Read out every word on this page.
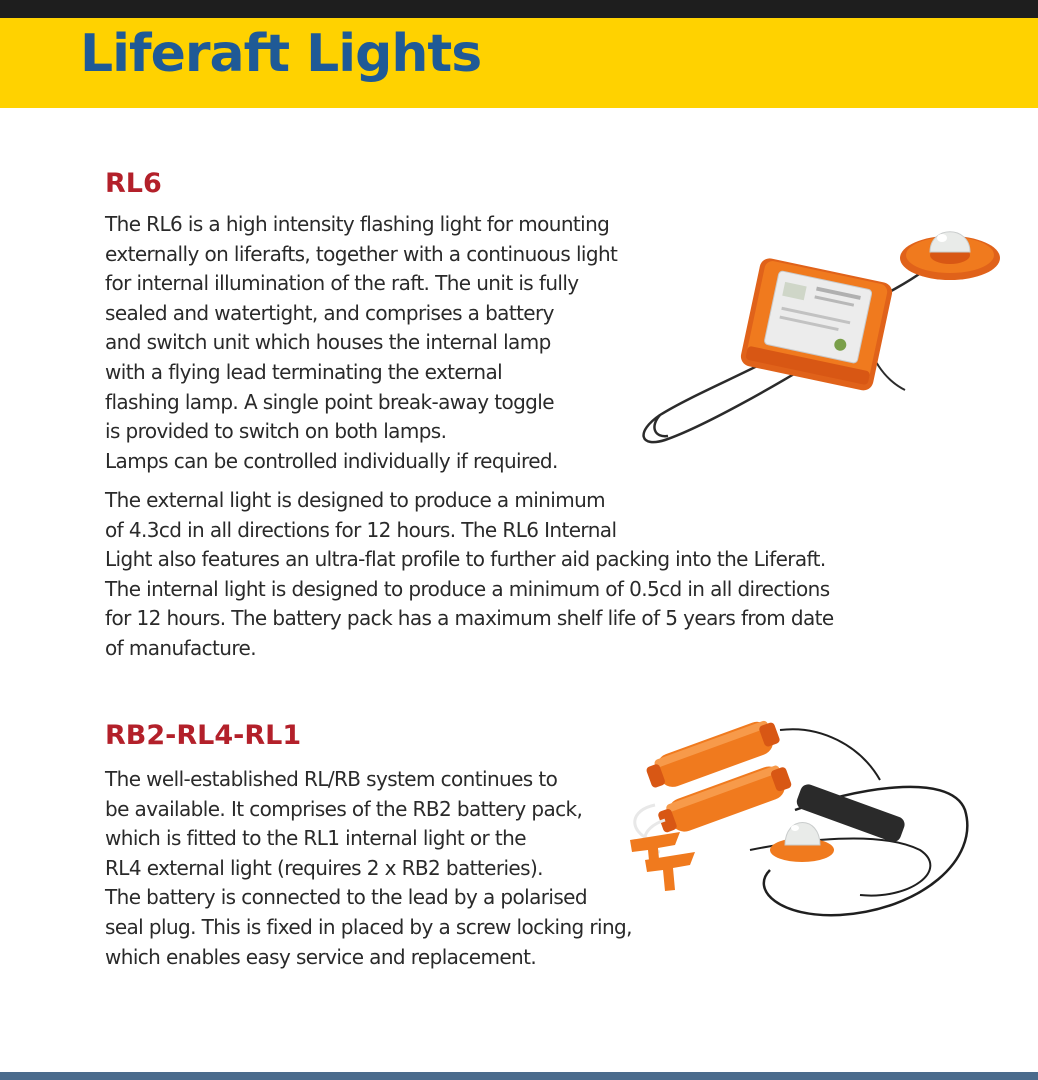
Liferaft Lights
RL6
The RL6 is a high intensity flashing light for mounting
externally on liferafts, together with a continuous light
for internal illumination of the raft. The unit is fully
sealed and watertight, and comprises a battery
and switch unit which houses the internal lamp
with a flying lead terminating the external
flashing lamp. A single point break-away toggle
is provided to switch on both lamps.
Lamps can be controlled individually if required.
The external light is designed to produce a minimum
of 4.3cd in all directions for 12 hours. The RL6 Internal
Light also features an ultra-flat profile to further aid packing into the Liferaft.
The internal light is designed to produce a minimum of 0.5cd in all directions
for 12 hours. The battery pack has a maximum shelf life of 5 years from date
of manufacture.
RB2-RL4-RL1
The well-established RL/RB system continues to
be available. It comprises of the RB2 battery pack,
which is fitted to the RL1 internal light or the
RL4 external light (requires 2 x RB2 batteries).
The battery is connected to the lead by a polarised
seal plug. This is fixed in placed by a screw locking ring,
which enables easy service and replacement.
